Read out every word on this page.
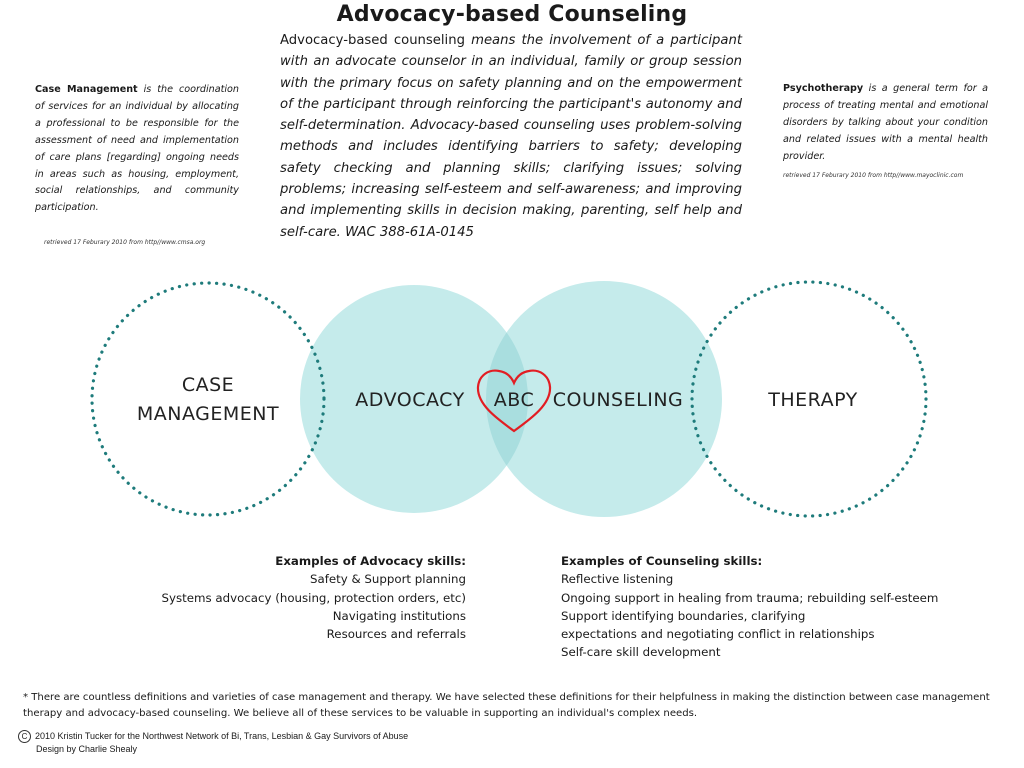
Advocacy-based Counseling
Advocacy-based counseling means the involvement of a participant with an advocate counselor in an individual, family or group session with the primary focus on safety planning and on the empowerment of the participant through reinforcing the participant's autonomy and self-determination. Advocacy-based counseling uses problem-solving methods and includes identifying barriers to safety; developing safety checking and planning skills; clarifying issues; solving problems; increasing self-esteem and self-awareness; and improving and implementing skills in decision making, parenting, self help and self-care. WAC 388-61A-0145
Case Management is the coordination of services for an individual by allocating a professional to be responsible for the assessment of need and implementation of care plans [regarding] ongoing needs in areas such as housing, employment, social relationships, and community participation.
retrieved 17 Feburary 2010 from http//www.cmsa.org
Psychotherapy is a general term for a process of treating mental and emotional disorders by talking about your condition and related issues with a mental health provider.
retrieved 17 Feburary 2010 from http//www.mayoclinic.com
CASE
MANAGEMENT
ADVOCACY	ABC COUNSELING	THERAPY
Examples of Advocacy skills:
Safety & Support planning
Systems advocacy (housing, protection orders, etc)
Navigating institutions
Resources and referrals
Examples of Counseling skills:
Reflective listening
Ongoing support in healing from trauma; rebuilding self-esteem
Support identifying boundaries, clarifying
expectations and negotiating conflict in relationships
Self-care skill development
* There are countless definitions and varieties of case management and therapy. We have selected these definitions for their helpfulness in making the distinction between case management therapy and advocacy-based counseling. We believe all of these services to be valuable in supporting an individual's complex needs.
C 2010 Kristin Tucker for the Northwest Network of Bi, Trans, Lesbian & Gay Survivors of Abuse
Design by Charlie Shealy
